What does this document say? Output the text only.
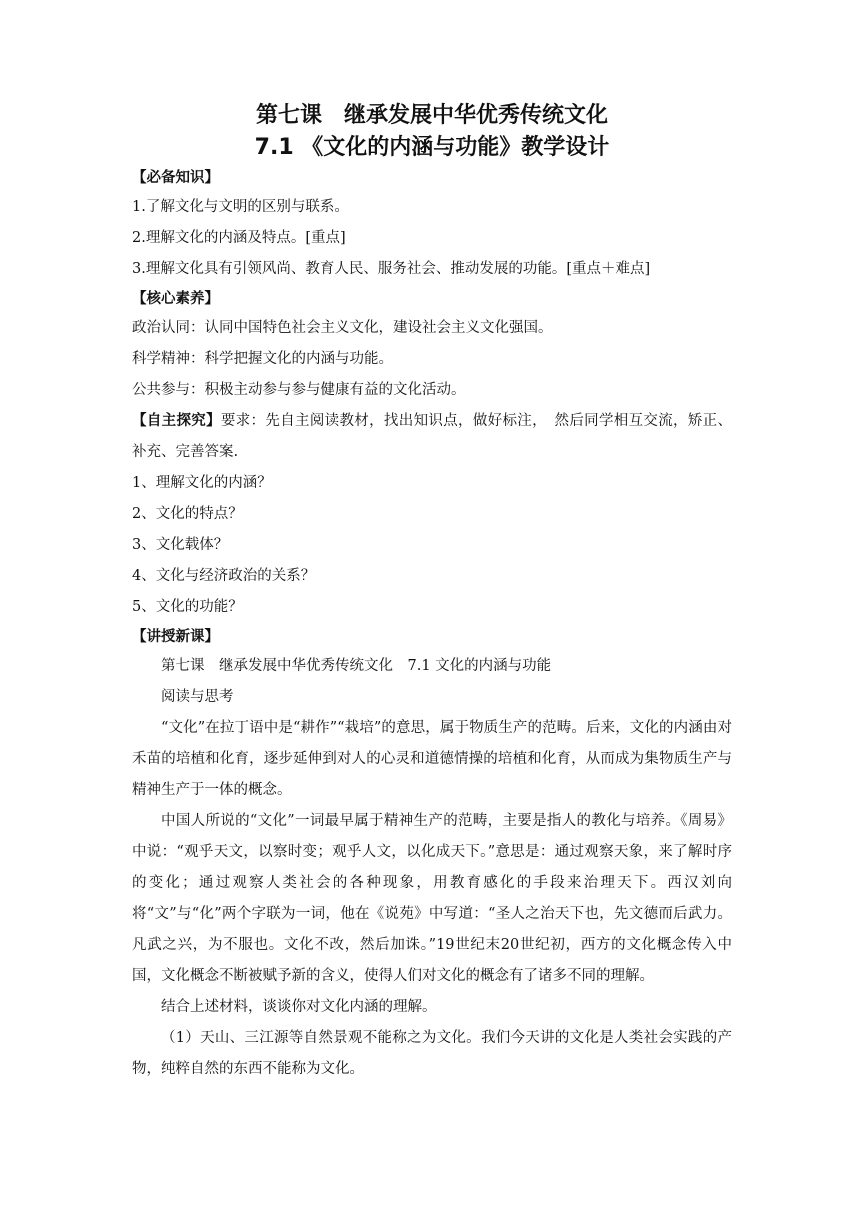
第七课　继承发展中华优秀传统文化

7.1 《文化的内涵与功能》教学设计

【必备知识】

1.了解文化与文明的区别与联系。

2.理解文化的内涵及特点。[重点]

3.理解文化具有引领风尚、教育人民、服务社会、推动发展的功能。[重点＋难点]

【核心素养】

政治认同：认同中国特色社会主义文化，建设社会主义文化强国。

科学精神：科学把握文化的内涵与功能。

公共参与：积极主动参与参与健康有益的文化活动。

【自主探究】要求：先自主阅读教材，找出知识点，做好标注，　然后同学相互交流，矫正、补充、完善答案.

1、理解文化的内涵？

2、文化的特点？

3、文化载体？

4、文化与经济政治的关系？

5、文化的功能？

【讲授新课】

第七课　继承发展中华优秀传统文化　7.1 文化的内涵与功能

阅读与思考

“文化”在拉丁语中是“耕作”“栽培”的意思，属于物质生产的范畴。后来，文化的内涵由对禾苗的培植和化育，逐步延伸到对人的心灵和道德情操的培植和化育，从而成为集物质生产与精神生产于一体的概念。

中国人所说的“文化”一词最早属于精神生产的范畴，主要是指人的教化与培养。《周易》中说：“观乎天文，以察时变；观乎人文，以化成天下。”意思是：通过观察天象，来了解时序的变化；通过观察人类社会的各种现象，用教育感化的手段来治理天下。西汉刘向将“文”与“化”两个字联为一词，他在《说苑》中写道：“圣人之治天下也，先文德而后武力。凡武之兴，为不服也。文化不改，然后加诛。”19世纪末20世纪初，西方的文化概念传入中国，文化概念不断被赋予新的含义，使得人们对文化的概念有了诸多不同的理解。

结合上述材料，谈谈你对文化内涵的理解。

（1）天山、三江源等自然景观不能称之为文化。我们今天讲的文化是人类社会实践的产物，纯粹自然的东西不能称为文化。
